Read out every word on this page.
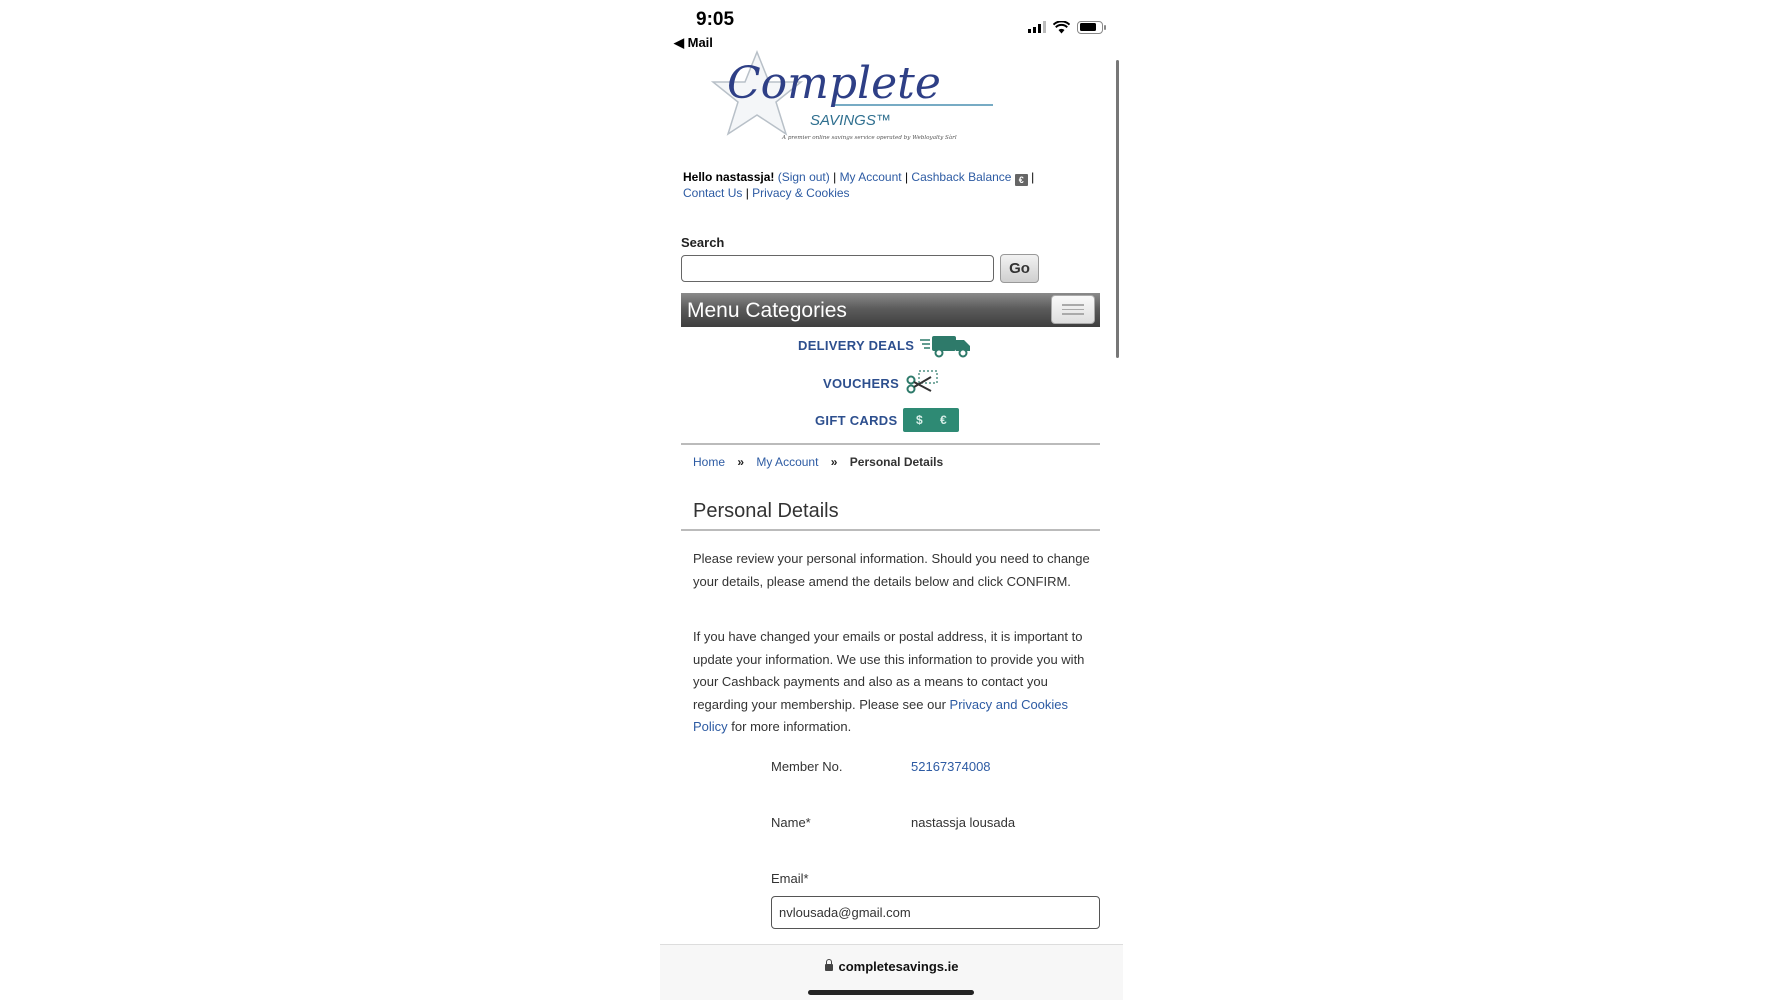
9:05
◀ Mail
Complete
SAVINGS™
A premier online savings service operated by Webloyalty Sàrl
Hello nastassja! (Sign out) | My Account | Cashback Balance € |
Contact Us | Privacy & Cookies
Search
Go
Menu Categories
DELIVERY DEALS
VOUCHERS
GIFT CARDS $ €
Home » My Account » Personal Details
Personal Details

Please review your personal information. Should you need to change your details, please amend the details below and click CONFIRM.

If you have changed your emails or postal address, it is important to update your information. We use this information to provide you with your Cashback payments and also as a means to contact you regarding your membership. Please see our Privacy and Cookies Policy for more information.

Member No.	52167374008
Name*	nastassja lousada
Email*
nvlousada@gmail.com
completesavings.ie
